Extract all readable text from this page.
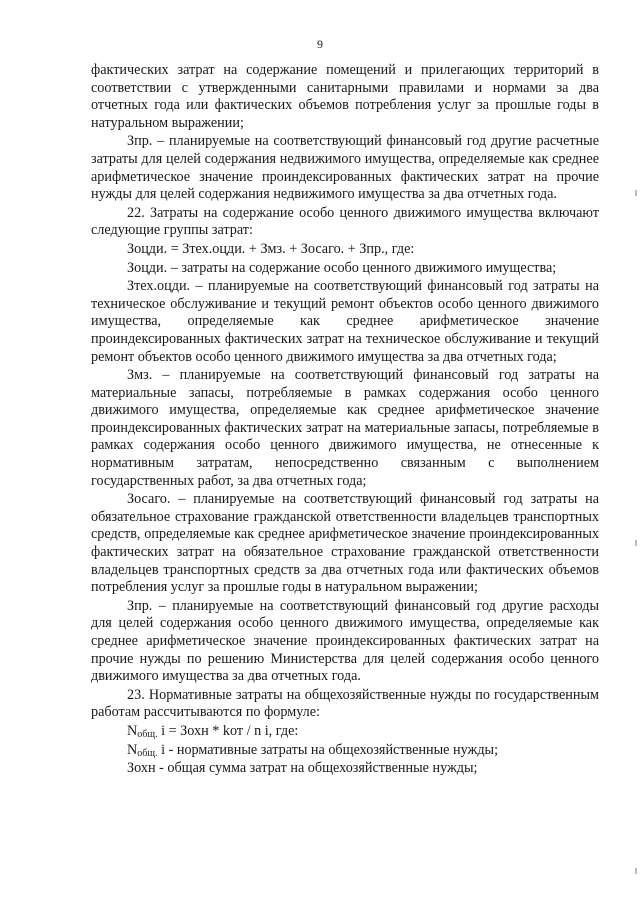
9

фактических затрат на содержание помещений и прилегающих территорий в соответствии с утвержденными санитарными правилами и нормами за два отчетных года или фактических объемов потребления услуг за прошлые годы в натуральном выражении;

Зпр. – планируемые на соответствующий финансовый год другие расчетные затраты для целей содержания недвижимого имущества, определяемые как среднее арифметическое значение проиндексированных фактических затрат на прочие нужды для целей содержания недвижимого имущества за два отчетных года.

22. Затраты на содержание особо ценного движимого имущества включают следующие группы затрат:

Зоцди. = Зтех.оцди. + Змз. + Зосаго. + Зпр., где:

Зоцди. – затраты на содержание особо ценного движимого имущества;

Зтех.оцди. – планируемые на соответствующий финансовый год затраты на техническое обслуживание и текущий ремонт объектов особо ценного движимого имущества, определяемые как среднее арифметическое значение проиндексированных фактических затрат на техническое обслуживание и текущий ремонт объектов особо ценного движимого имущества за два отчетных года;

Змз. – планируемые на соответствующий финансовый год затраты на материальные запасы, потребляемые в рамках содержания особо ценного движимого имущества, определяемые как среднее арифметическое значение проиндексированных фактических затрат на материальные запасы, потребляемые в рамках содержания особо ценного движимого имущества, не отнесенные к нормативным затратам, непосредственно связанным с выполнением государственных работ, за два отчетных года;

Зосаго. – планируемые на соответствующий финансовый год затраты на обязательное страхование гражданской ответственности владельцев транспортных средств, определяемые как среднее арифметическое значение проиндексированных фактических затрат на обязательное страхование гражданской ответственности владельцев транспортных средств за два отчетных года или фактических объемов потребления услуг за прошлые годы в натуральном выражении;

Зпр. – планируемые на соответствующий финансовый год другие расходы для целей содержания особо ценного движимого имущества, определяемые как среднее арифметическое значение проиндексированных фактических затрат на прочие нужды по решению Министерства для целей содержания особо ценного движимого имущества за два отчетных года.

23. Нормативные затраты на общехозяйственные нужды по государственным работам рассчитываются по формуле:

$N_{общ.}$ i = Зохн * kот / n i, где:

$N_{общ.}$ i - нормативные затраты на общехозяйственные нужды;

Зохн - общая сумма затрат на общехозяйственные нужды;
